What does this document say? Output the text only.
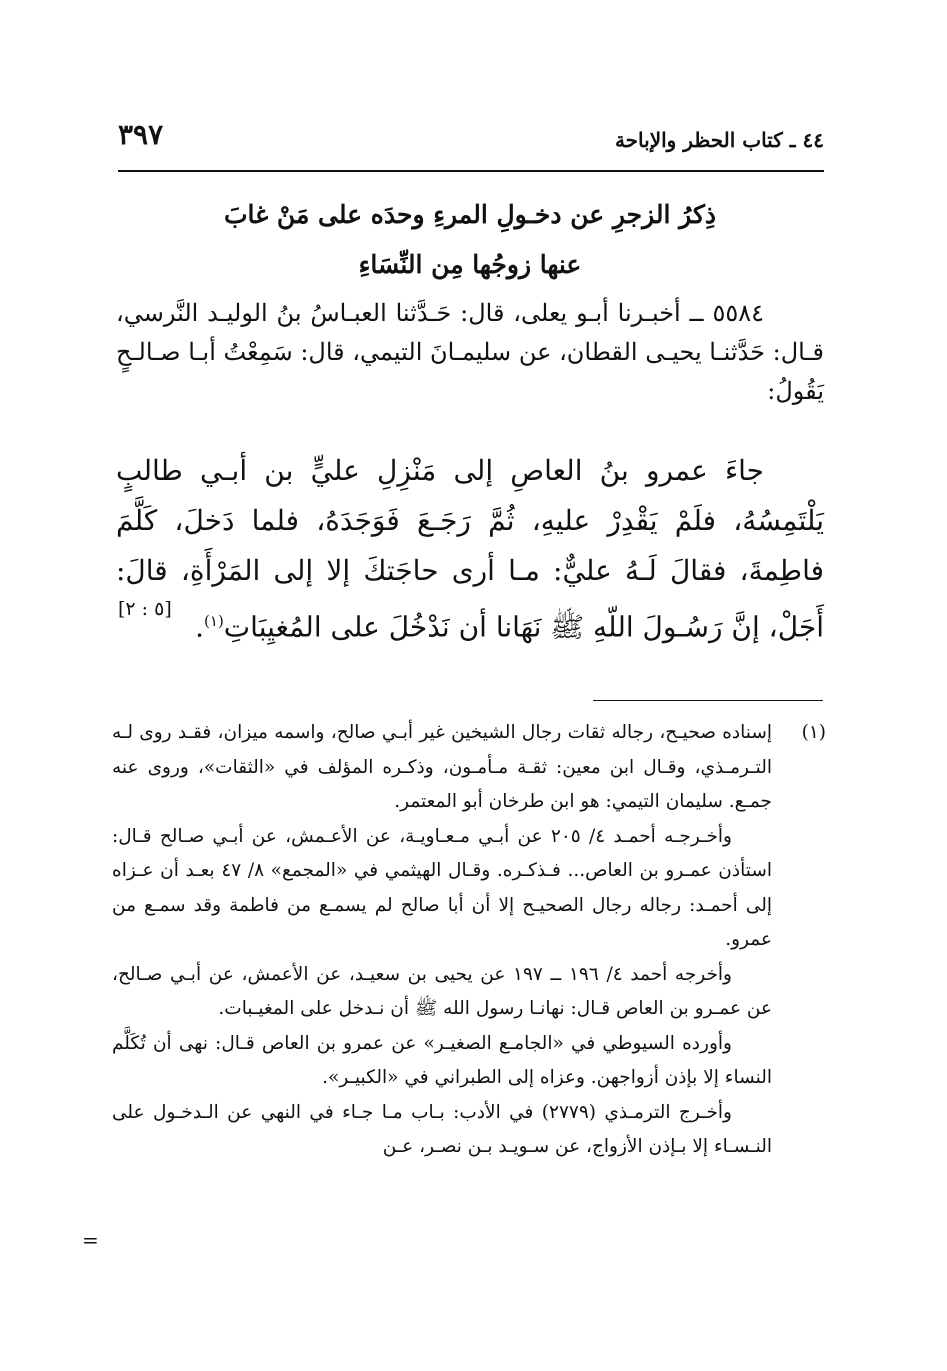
٤٤ ـ كتاب الحظر والإباحة
٣٩٧
ذِكرُ الزجرِ عن دخـولِ المرءِ وحدَه على مَنْ غابَ
عنها زوجُها مِن النِّسَاءِ

٥٥٨٤ ــ أخبـرنا أبـو يعلى، قال: حَـدَّثنا العبـاسُ بنُ الوليـد النَّرسي، قـال: حَدَّثنـا يحيـى القطان، عن سليمـانَ التيمي، قال: سَمِعْتُ أبـا صـالـحٍ يَقُولُ:

جاءَ عمرو بنُ العاصِ إلى مَنْزِلِ عليٍّ بن أبـي طالبٍ يَلْتَمِسُهُ، فلَمْ يَقْدِرْ عليهِ، ثُمَّ رَجَـعَ فَوَجَدَهُ، فلما دَخلَ، كَلَّمَ فاطِمةَ، فقالَ لَـهُ عليٌّ: مـا أرى حاجَتكَ إلا إلى المَرْأَةِ، قالَ: أَجَلْ، إنَّ رَسُـولَ اللّهِ ﷺ نَهَانا أن نَدْخُلَ على المُغيِبَاتِ$^{(١)}$.
[٥ : ٢]
(١)

إسناده صحيـح، رجاله ثقات رجال الشيخين غير أبـي صالح، واسمه ميزان، فقـد روى لـه التـرمـذي، وقـال ابن معين: ثقـة مـأمـون، وذكـره المؤلف في «الثقات»، وروى عنه جمـع. سليمان التيمي: هو ابن طرخان أبو المعتمر.

وأخـرجـه أحمـد ٤/ ٢٠٥ عن أبـي مـعـاويـة، عن الأعـمش، عن أبـي صـالح قـال: استأذن عمـرو بن العاص... فـذكـره. وقـال الهيثمي في «المجمع» ٨/ ٤٧ بعـد أن عـزاه إلى أحمـد: رجاله رجال الصحيـح إلا أن أبا صالح لم يسمـع من فاطمة وقد سمـع من عمرو.

وأخرجه أحمد ٤/ ١٩٦ ــ ١٩٧ عن يحيى بن سعيـد، عن الأعمش، عن أبـي صـالح، عن عمـرو بن العاص قـال: نهانـا رسول الله ﷺ أن نـدخل على المغيـبات.

وأورده السيوطي في «الجامـع الصغيـر» عن عمرو بن العاص قـال: نهى أن تُكَلَّم النساء إلا بإذن أزواجهن. وعزاه إلى الطبراني في «الكبيـر».

وأخـرج الترمـذي (٢٧٧٩) في الأدب: بـاب مـا جـاء في النهي عن الـدخـول على النـسـاء إلا بـإذن الأزواج، عن سـويـد بـن نصـر، عـن

=
